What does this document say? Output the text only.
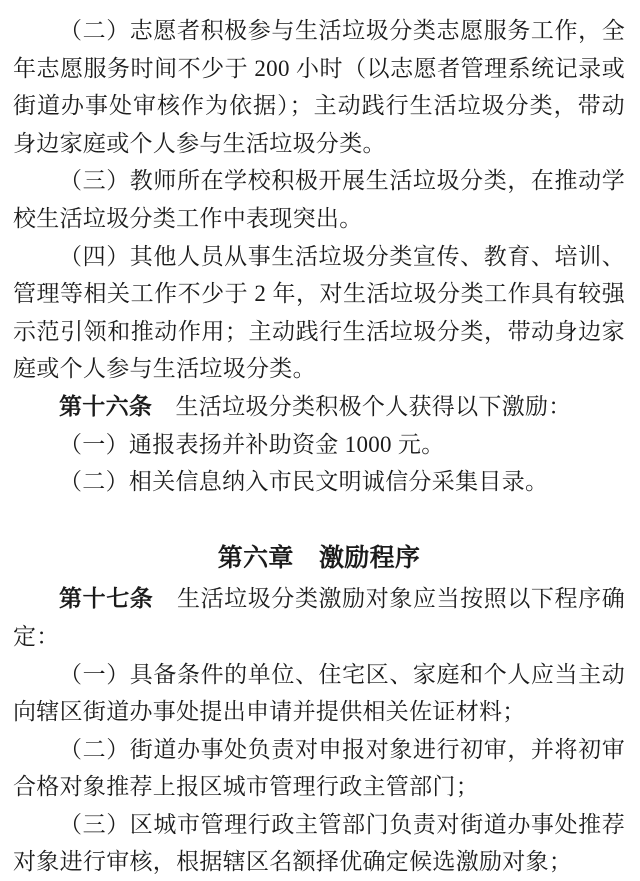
（二）志愿者积极参与生活垃圾分类志愿服务工作，全年志愿服务时间不少于 200 小时（以志愿者管理系统记录或街道办事处审核作为依据）；主动践行生活垃圾分类，带动身边家庭或个人参与生活垃圾分类。

（三）教师所在学校积极开展生活垃圾分类，在推动学校生活垃圾分类工作中表现突出。

（四）其他人员从事生活垃圾分类宣传、教育、培训、管理等相关工作不少于 2 年，对生活垃圾分类工作具有较强示范引领和推动作用；主动践行生活垃圾分类，带动身边家庭或个人参与生活垃圾分类。

第十六条　生活垃圾分类积极个人获得以下激励：

（一）通报表扬并补助资金 1000 元。

（二）相关信息纳入市民文明诚信分采集目录。

第六章　激励程序

第十七条　生活垃圾分类激励对象应当按照以下程序确定：

（一）具备条件的单位、住宅区、家庭和个人应当主动向辖区街道办事处提出申请并提供相关佐证材料；

（二）街道办事处负责对申报对象进行初审，并将初审合格对象推荐上报区城市管理行政主管部门；

（三）区城市管理行政主管部门负责对街道办事处推荐对象进行审核，根据辖区名额择优确定候选激励对象；
